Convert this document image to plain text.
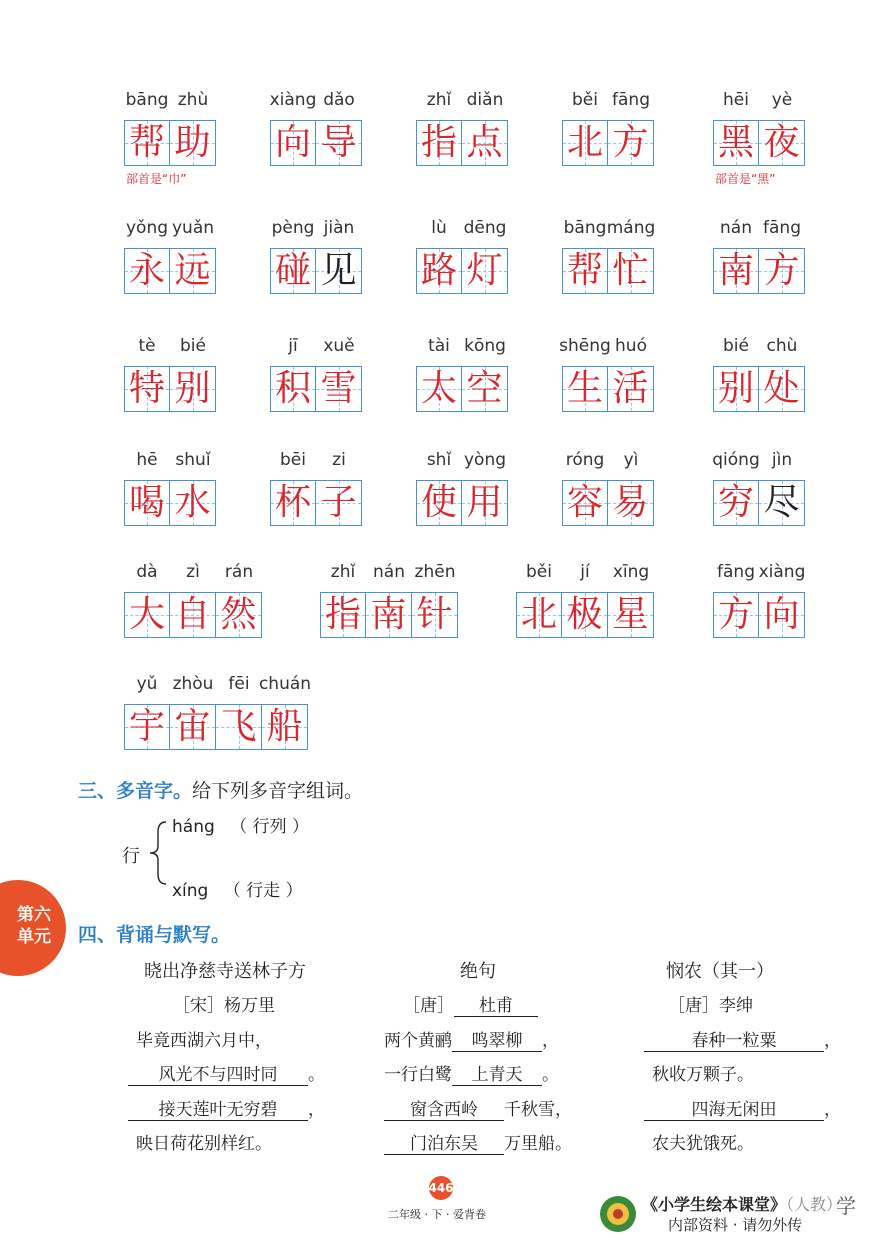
bāng zhù
帮 助
部首是“巾”
xiàng dǎo
向 导
zhǐ diǎn
指 点
běi fāng
北 方
hēi yè
黑 夜
部首是“黑”
yǒng yuǎn
永 远
pèng jiàn
碰 见
lù dēng
路 灯
bāng máng
帮 忙
nán fāng
南 方
tè bié
特 别
jī xuě
积 雪
tài kōng
太 空
shēng huó
生 活
bié chù
别 处
hē shuǐ
喝 水
bēi zi
杯 子
shǐ yòng
使 用
róng yì
容 易
qióng jìn
穷 尽
dà zì rán
大 自 然
zhǐ nán zhēn
指 南 针
běi jí xīng
北 极 星
fāng xiàng
方 向
yǔ zhòu fēi chuán
宇 宙 飞 船
三、多音字。给下列多音字组词。
行
háng （ 行列 ）
xíng （ 行走 ）
第六
单元 四、背诵与默写。
晓出净慈寺送林子方
［宋］杨万里
毕竟西湖六月中，
风光不与四时同 。
接天莲叶无穷碧 ，
映日荷花别样红。
绝句
［唐］ 杜甫
两个黄鹂 鸣翠柳 ，
一行白鹭 上青天 。
窗含西岭 千秋雪，
门泊东吴 万里船。
悯农（其一）
［唐］李绅
春种一粒粟	，
秋收万颗子。
四海无闲田	，
农夫犹饿死。
446
二年级 · 下 · 爱背卷
《小学生绘本课堂》（人教）
内部资料 · 请勿外传
学
